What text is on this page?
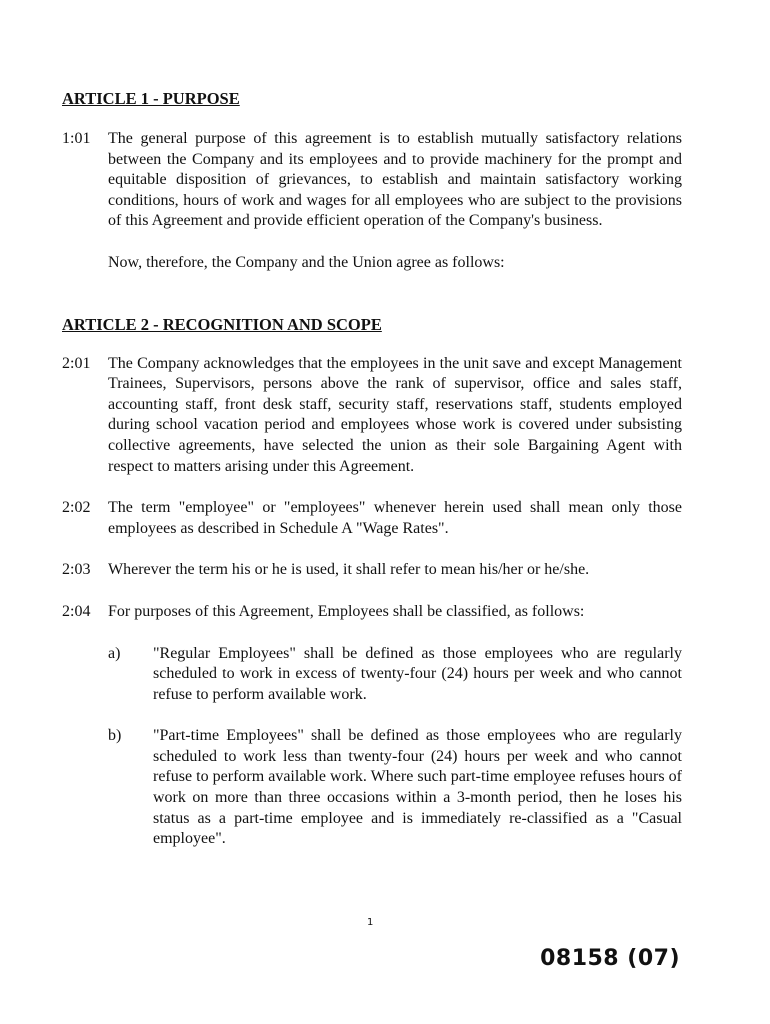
ARTICLE 1 - PURPOSE
1:01 The general purpose of this agreement is to establish mutually satisfactory relations between the Company and its employees and to provide machinery for the prompt and equitable disposition of grievances, to establish and maintain satisfactory working conditions, hours of work and wages for all employees who are subject to the provisions of this Agreement and provide efficient operation of the Company's business.

Now, therefore, the Company and the Union agree as follows:

ARTICLE 2 - RECOGNITION AND SCOPE
2:01 The Company acknowledges that the employees in the unit save and except Management Trainees, Supervisors, persons above the rank of supervisor, office and sales staff, accounting staff, front desk staff, security staff, reservations staff, students employed during school vacation period and employees whose work is covered under subsisting collective agreements, have selected the union as their sole Bargaining Agent with respect to matters arising under this Agreement.

2:02 The term "employee" or "employees" whenever herein used shall mean only those employees as described in Schedule A "Wage Rates".

2:03 Wherever the term his or he is used, it shall refer to mean his/her or he/she.

2:04 For purposes of this Agreement, Employees shall be classified, as follows:

a) "Regular Employees" shall be defined as those employees who are regularly scheduled to work in excess of twenty-four (24) hours per week and who cannot refuse to perform available work.

b) "Part-time Employees" shall be defined as those employees who are regularly scheduled to work less than twenty-four (24) hours per week and who cannot refuse to perform available work. Where such part-time employee refuses hours of work on more than three occasions within a 3-month period, then he loses his status as a part-time employee and is immediately re-classified as a "Casual employee".

1
08158 (07)
